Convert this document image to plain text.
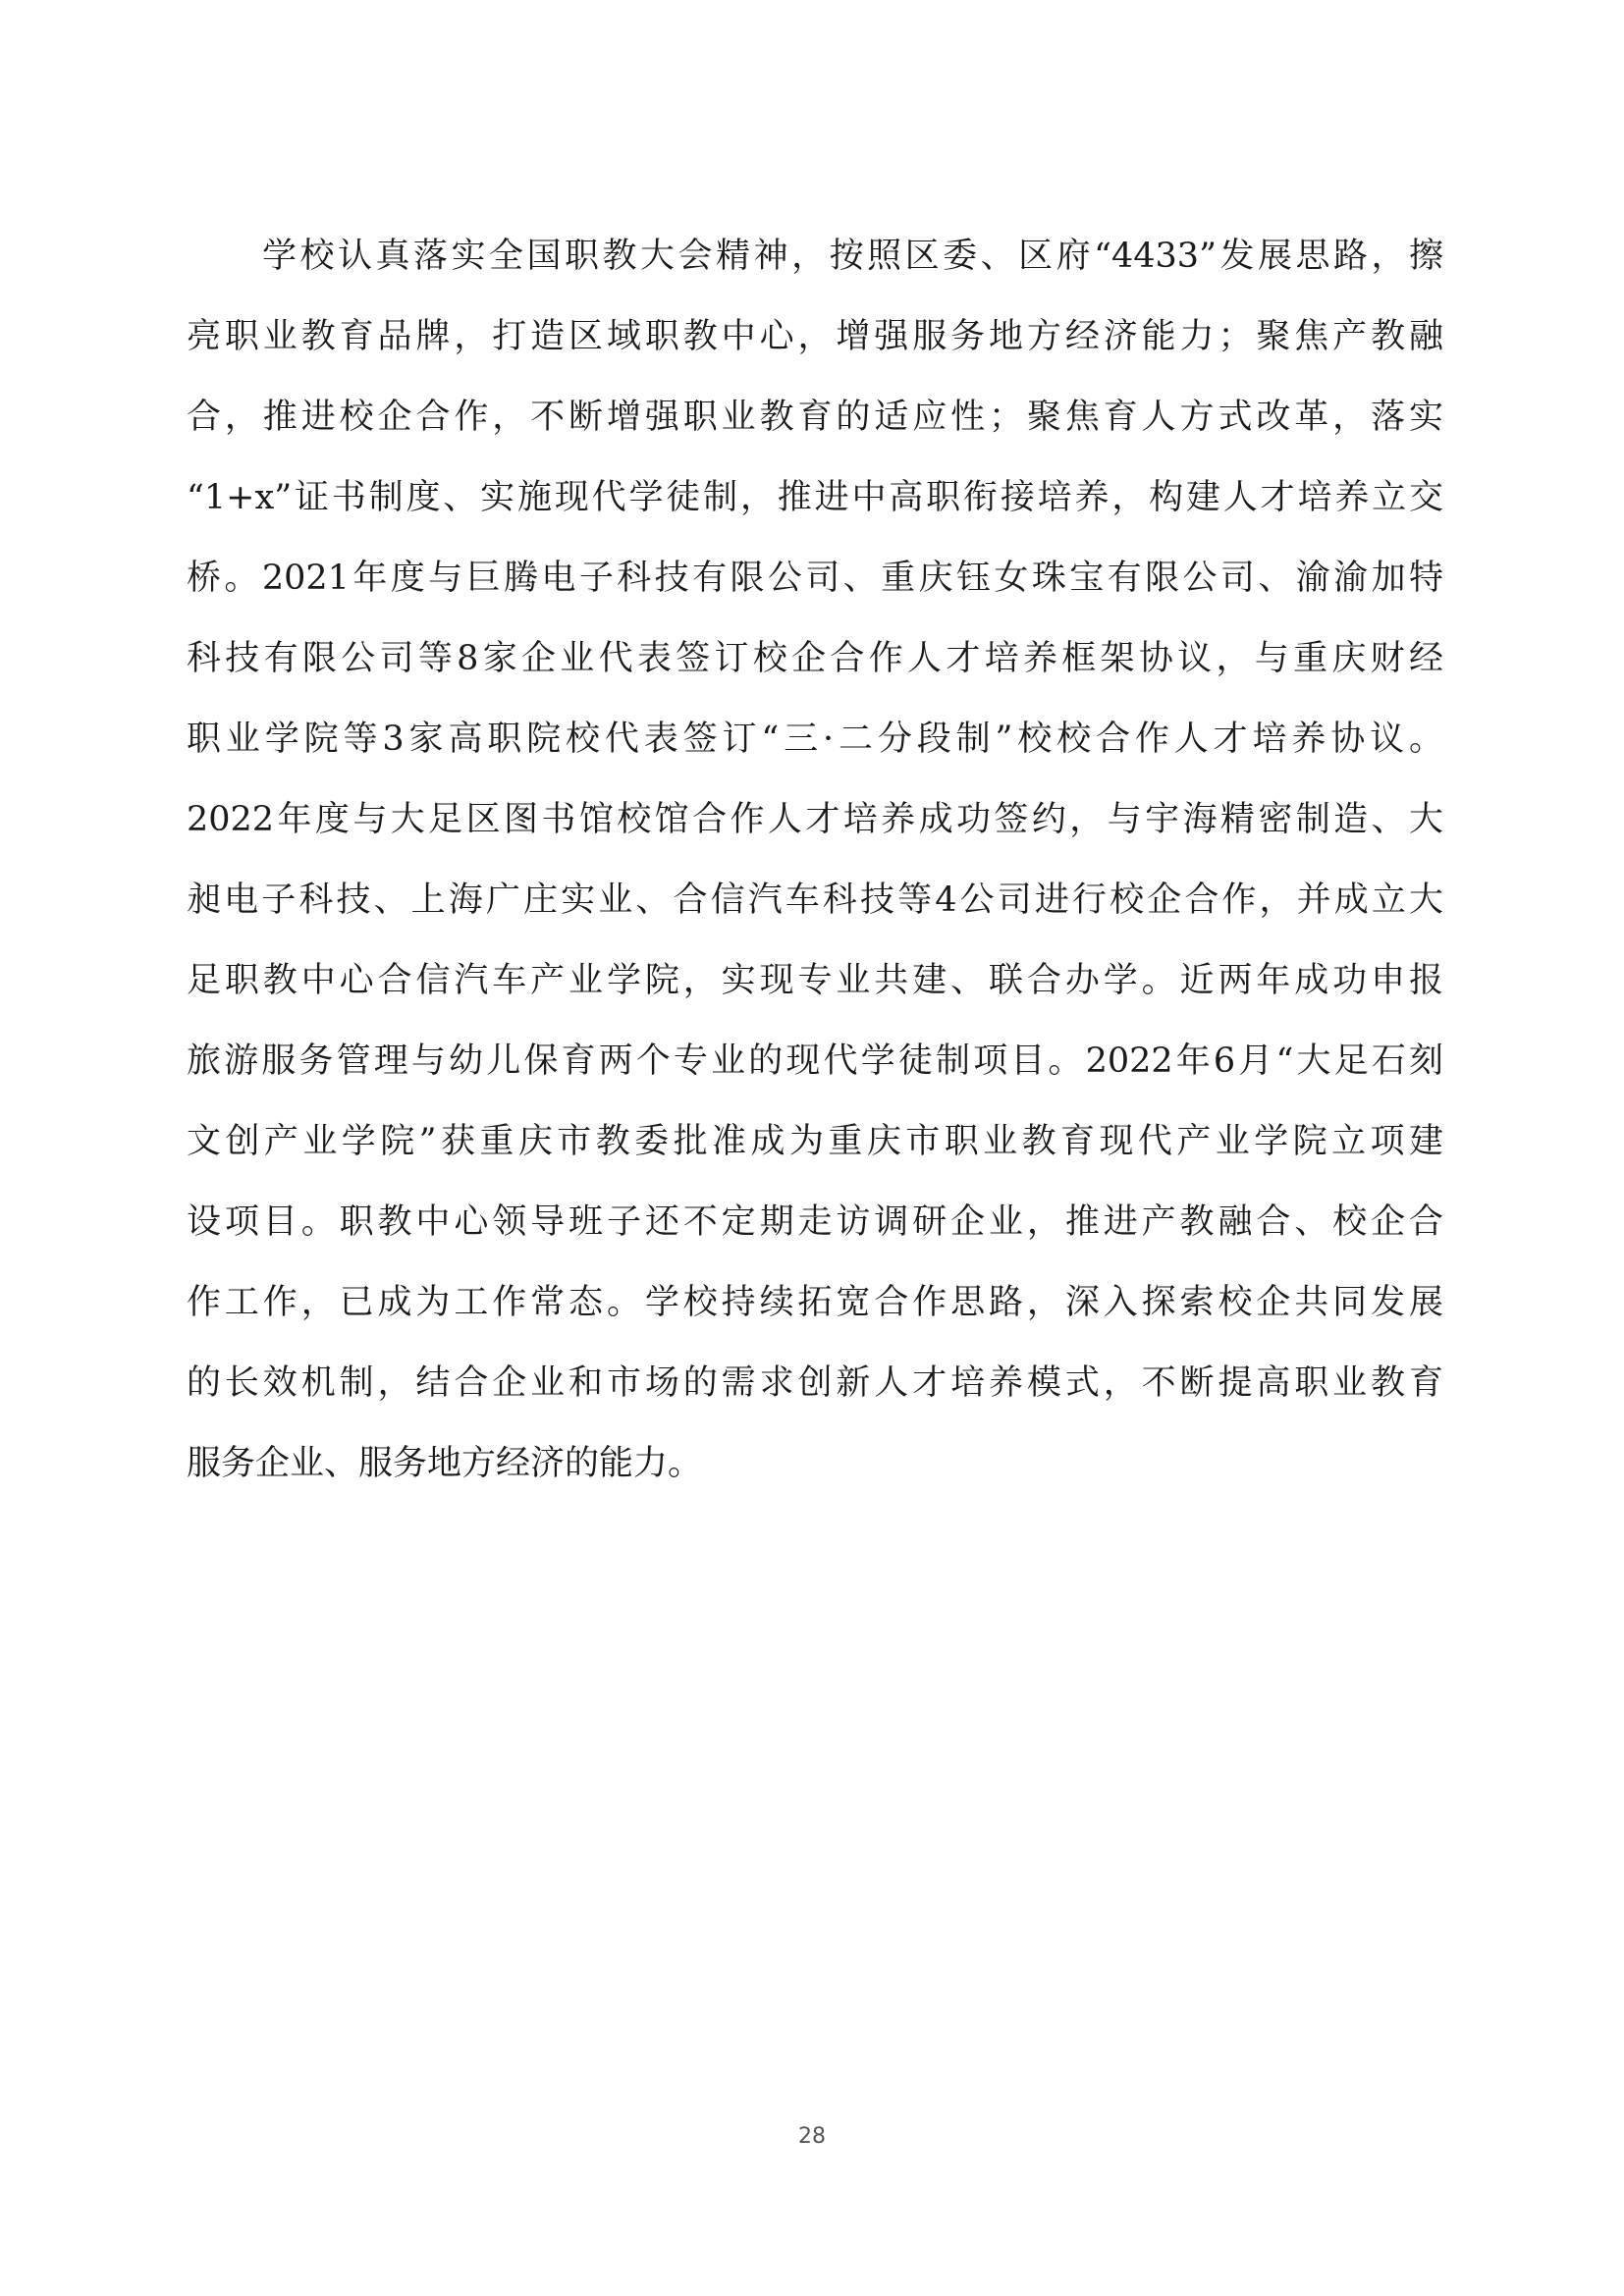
　　学校认真落实全国职教大会精神，按照区委、区府“4433”发展思路，擦
亮职业教育品牌，打造区域职教中心，增强服务地方经济能力；聚焦产教融
合，推进校企合作，不断增强职业教育的适应性；聚焦育人方式改革，落实
“1+x”证书制度、实施现代学徒制，推进中高职衔接培养，构建人才培养立交
桥。2021年度与巨腾电子科技有限公司、重庆钰女珠宝有限公司、渝渝加特
科技有限公司等8家企业代表签订校企合作人才培养框架协议，与重庆财经
职业学院等3家高职院校代表签订“三·二分段制”校校合作人才培养协议。
2022年度与大足区图书馆校馆合作人才培养成功签约，与宇海精密制造、大
昶电子科技、上海广庄实业、合信汽车科技等4公司进行校企合作，并成立大
足职教中心合信汽车产业学院，实现专业共建、联合办学。近两年成功申报
旅游服务管理与幼儿保育两个专业的现代学徒制项目。2022年6月“大足石刻
文创产业学院”获重庆市教委批准成为重庆市职业教育现代产业学院立项建
设项目。职教中心领导班子还不定期走访调研企业，推进产教融合、校企合
作工作，已成为工作常态。学校持续拓宽合作思路，深入探索校企共同发展
的长效机制，结合企业和市场的需求创新人才培养模式，不断提高职业教育
服务企业、服务地方经济的能力。
28
